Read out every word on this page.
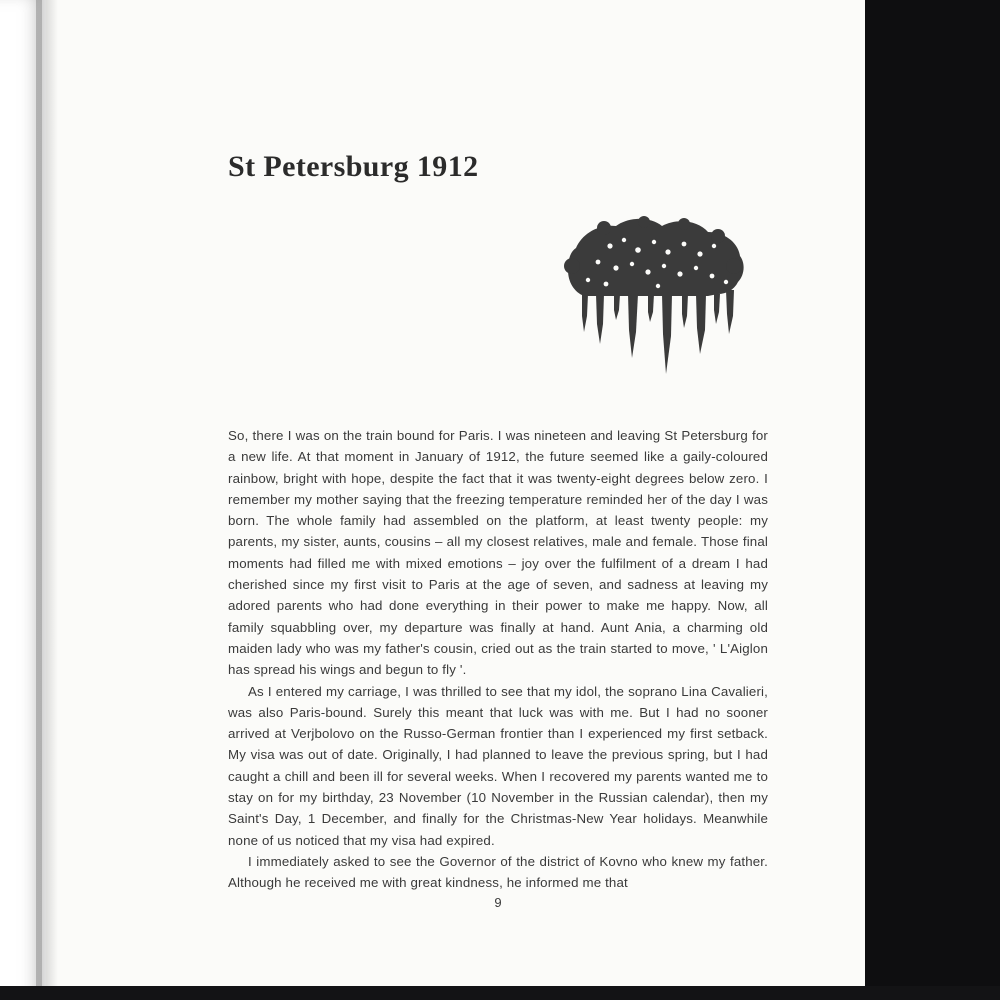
St Petersburg 1912

So, there I was on the train bound for Paris. I was nineteen and leaving St Petersburg for a new life. At that moment in January of 1912, the future seemed like a gaily-coloured rainbow, bright with hope, despite the fact that it was twenty-eight degrees below zero. I remember my mother saying that the freezing temperature reminded her of the day I was born. The whole family had assembled on the platform, at least twenty people: my parents, my sister, aunts, cousins – all my closest relatives, male and female. Those final moments had filled me with mixed emotions – joy over the fulfilment of a dream I had cherished since my first visit to Paris at the age of seven, and sadness at leaving my adored parents who had done everything in their power to make me happy. Now, all family squabbling over, my departure was finally at hand. Aunt Ania, a charming old maiden lady who was my father's cousin, cried out as the train started to move, ' L'Aiglon has spread his wings and begun to fly '.

As I entered my carriage, I was thrilled to see that my idol, the soprano Lina Cavalieri, was also Paris-bound. Surely this meant that luck was with me. But I had no sooner arrived at Verjbolovo on the Russo-German frontier than I experienced my first setback. My visa was out of date. Originally, I had planned to leave the previous spring, but I had caught a chill and been ill for several weeks. When I recovered my parents wanted me to stay on for my birthday, 23 November (10 November in the Russian calendar), then my Saint's Day, 1 December, and finally for the Christmas-New Year holidays. Meanwhile none of us noticed that my visa had expired.

I immediately asked to see the Governor of the district of Kovno who knew my father. Although he received me with great kindness, he informed me that

9
